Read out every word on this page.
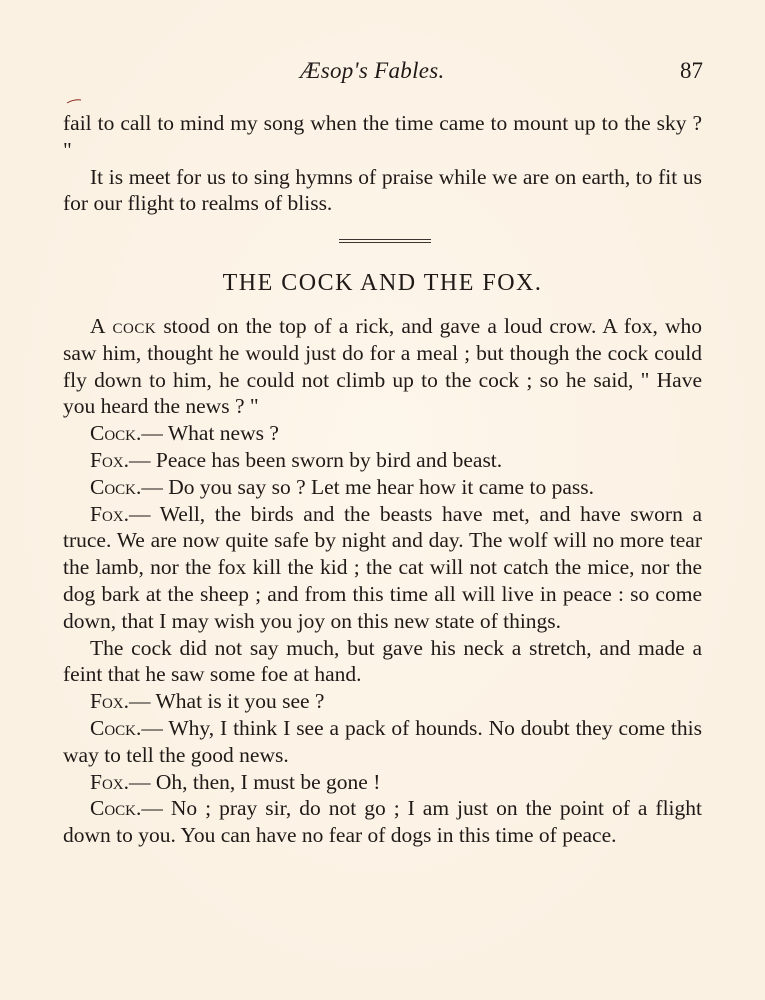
Æsop's Fables.	87

fail to call to mind my song when the time came to mount up to the sky ? "

It is meet for us to sing hymns of praise while we are on earth, to fit us for our flight to realms of bliss.

THE COCK AND THE FOX.

A cock stood on the top of a rick, and gave a loud crow. A fox, who saw him, thought he would just do for a meal ; but though the cock could fly down to him, he could not climb up to the cock ; so he said, " Have you heard the news ? "

Cock.— What news ?

Fox.— Peace has been sworn by bird and beast.

Cock.— Do you say so ? Let me hear how it came to pass.

Fox.— Well, the birds and the beasts have met, and have sworn a truce. We are now quite safe by night and day. The wolf will no more tear the lamb, nor the fox kill the kid ; the cat will not catch the mice, nor the dog bark at the sheep ; and from this time all will live in peace : so come down, that I may wish you joy on this new state of things.

The cock did not say much, but gave his neck a stretch, and made a feint that he saw some foe at hand.

Fox.— What is it you see ?

Cock.— Why, I think I see a pack of hounds. No doubt they come this way to tell the good news.

Fox.— Oh, then, I must be gone !

Cock.— No ; pray sir, do not go ; I am just on the point of a flight down to you. You can have no fear of dogs in this time of peace.
